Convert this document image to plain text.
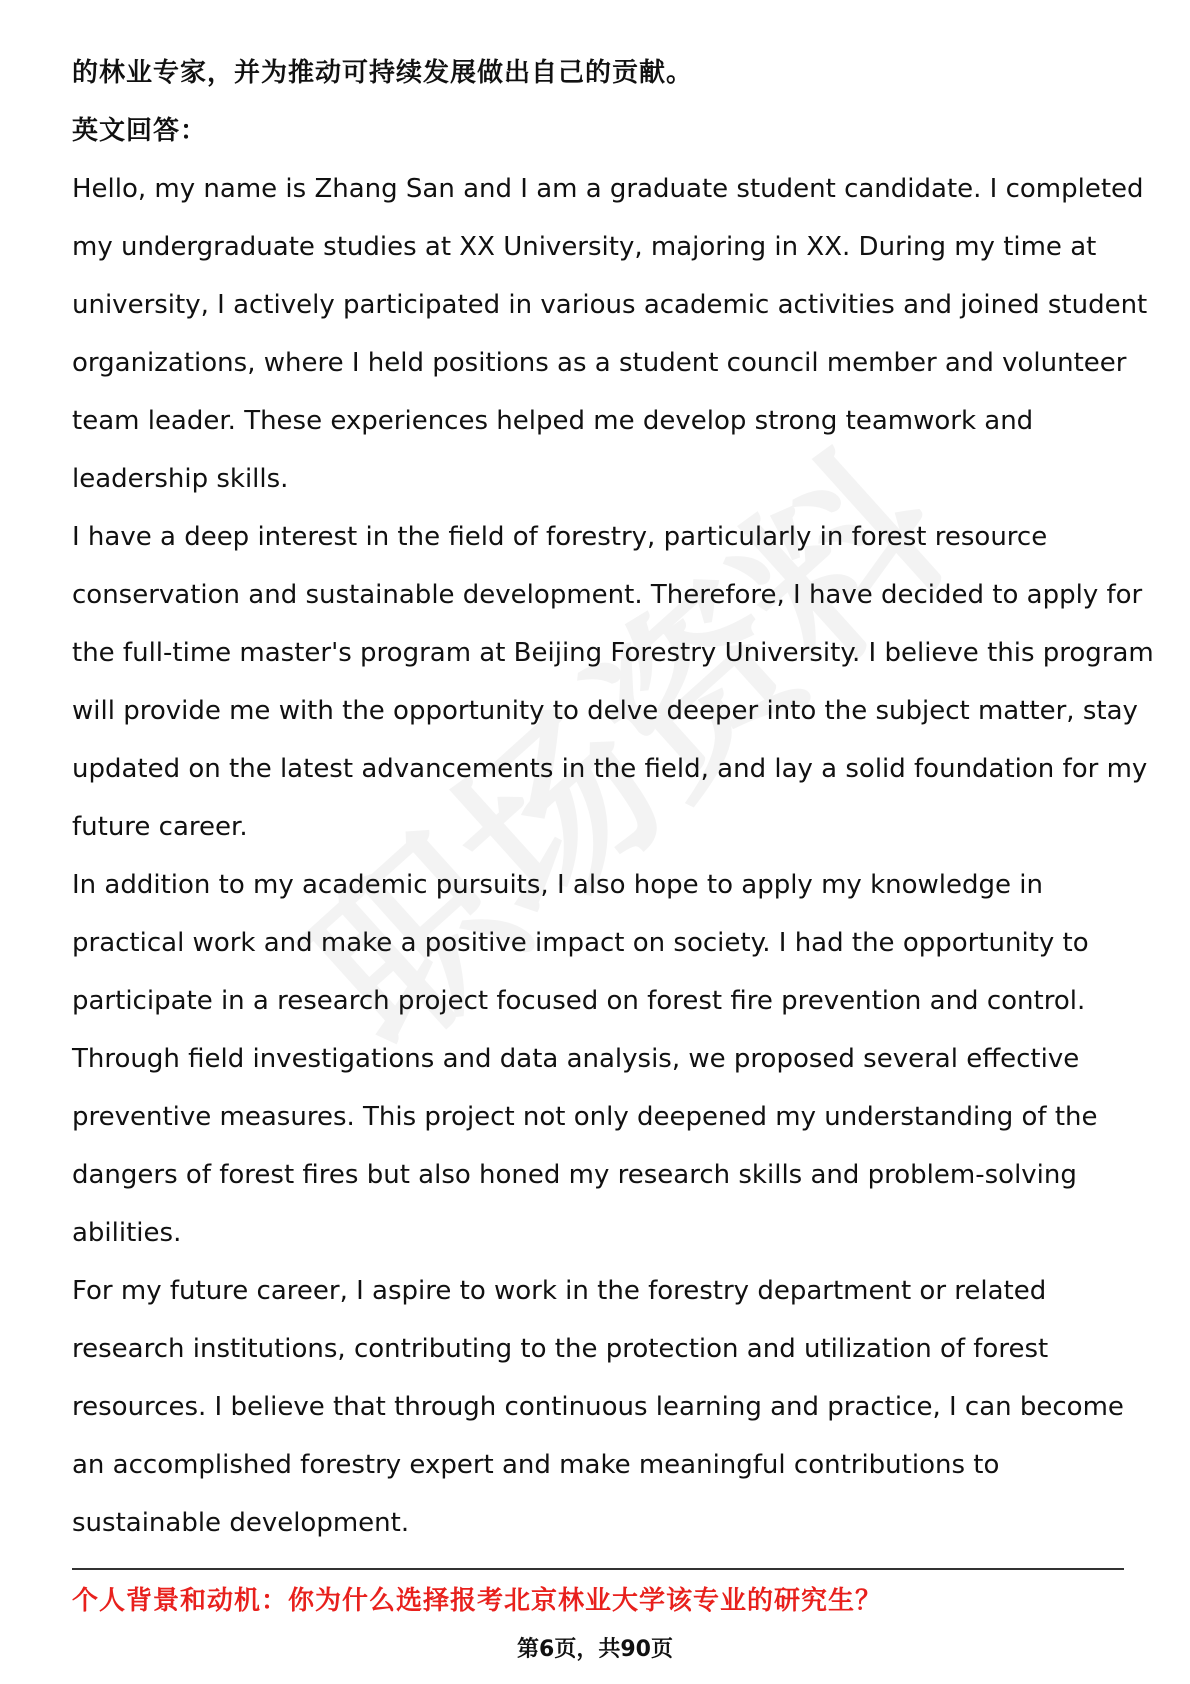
的林业专家，并为推动可持续发展做出自己的贡献。
英文回答：
Hello, my name is Zhang San and I am a graduate student candidate. I completed
my undergraduate studies at XX University, majoring in XX. During my time at
university, I actively participated in various academic activities and joined student
organizations, where I held positions as a student council member and volunteer
team leader. These experiences helped me develop strong teamwork and
leadership skills.
I have a deep interest in the field of forestry, particularly in forest resource
conservation and sustainable development. Therefore, I have decided to apply for
the full-time master's program at Beijing Forestry University. I believe this program
will provide me with the opportunity to delve deeper into the subject matter, stay
updated on the latest advancements in the field, and lay a solid foundation for my
future career.
In addition to my academic pursuits, I also hope to apply my knowledge in
practical work and make a positive impact on society. I had the opportunity to
participate in a research project focused on forest fire prevention and control.
Through field investigations and data analysis, we proposed several effective
preventive measures. This project not only deepened my understanding of the
dangers of forest fires but also honed my research skills and problem-solving
abilities.
For my future career, I aspire to work in the forestry department or related
research institutions, contributing to the protection and utilization of forest
resources. I believe that through continuous learning and practice, I can become
an accomplished forestry expert and make meaningful contributions to
sustainable development.
个人背景和动机：你为什么选择报考北京林业大学该专业的研究生？
第6页，共90页
